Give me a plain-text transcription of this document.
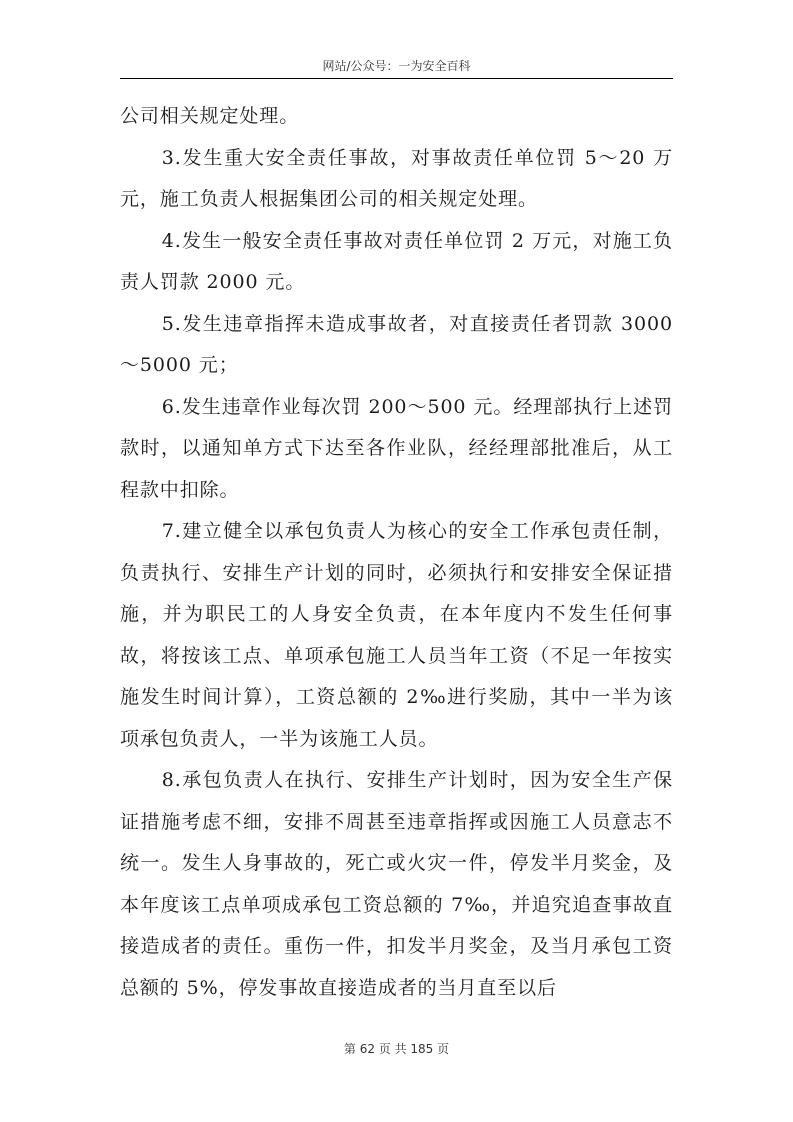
网站/公众号：一为安全百科

公司相关规定处理。

3.发生重大安全责任事故，对事故责任单位罚 5～20 万元，施工负责人根据集团公司的相关规定处理。

4.发生一般安全责任事故对责任单位罚 2 万元，对施工负责人罚款 2000 元。

5.发生违章指挥未造成事故者，对直接责任者罚款 3000～5000 元；

6.发生违章作业每次罚 200～500 元。经理部执行上述罚款时，以通知单方式下达至各作业队，经经理部批准后，从工程款中扣除。

7.建立健全以承包负责人为核心的安全工作承包责任制，负责执行、安排生产计划的同时，必须执行和安排安全保证措施，并为职民工的人身安全负责，在本年度内不发生任何事故，将按该工点、单项承包施工人员当年工资（不足一年按实施发生时间计算），工资总额的 2‰进行奖励，其中一半为该项承包负责人，一半为该施工人员。

8.承包负责人在执行、安排生产计划时，因为安全生产保证措施考虑不细，安排不周甚至违章指挥或因施工人员意志不统一。发生人身事故的，死亡或火灾一件，停发半月奖金，及本年度该工点单项成承包工资总额的 7‰，并追究追查事故直接造成者的责任。重伤一件，扣发半月奖金，及当月承包工资总额的 5%，停发事故直接造成者的当月直至以后

第 62 页 共 185 页
